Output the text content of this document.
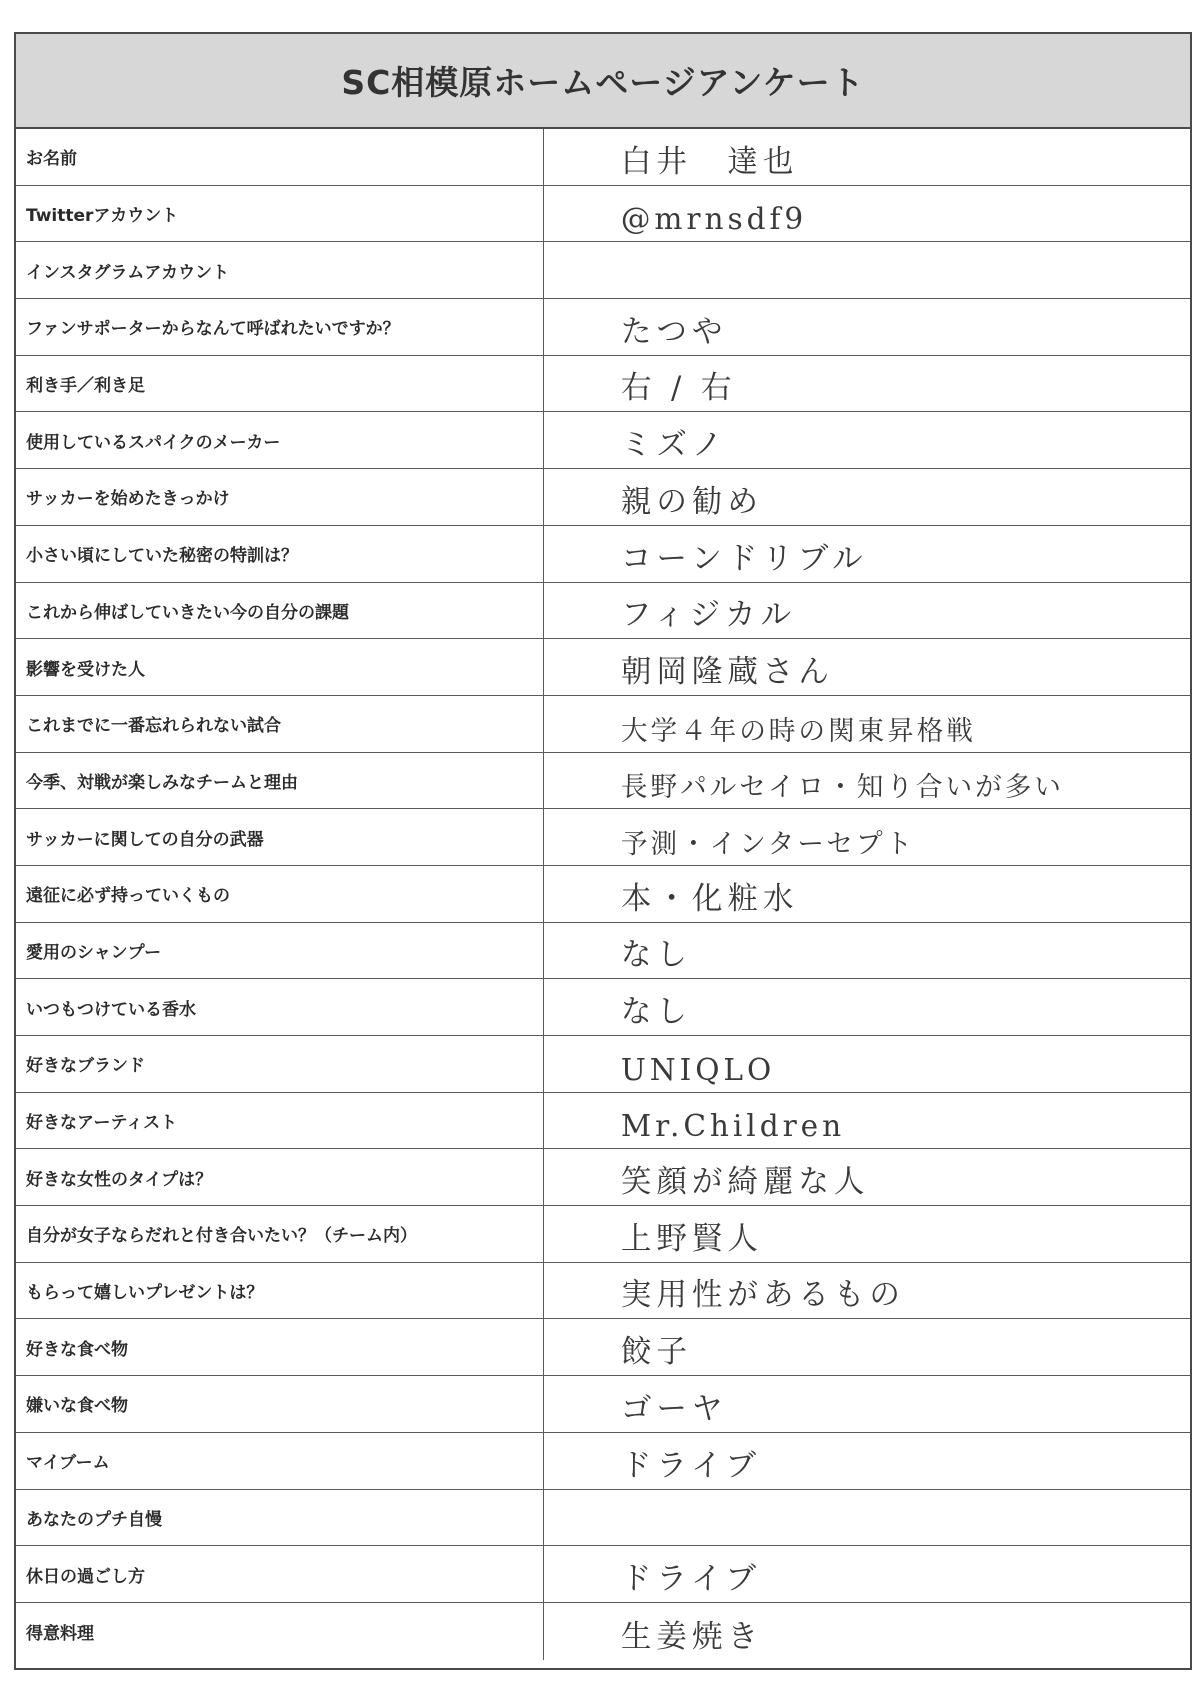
SC相模原ホームページアンケート
お名前	白井　達也
Twitterアカウント	@mrnsdf9
インスタグラムアカウント
ファンサポーターからなんて呼ばれたいですか？	たつや
利き手／利き足	右 / 右
使用しているスパイクのメーカー	ミズノ
サッカーを始めたきっかけ	親の勧め
小さい頃にしていた秘密の特訓は？	コーンドリブル
これから伸ばしていきたい今の自分の課題	フィジカル
影響を受けた人	朝岡隆蔵さん
これまでに一番忘れられない試合	大学４年の時の関東昇格戦
今季、対戦が楽しみなチームと理由	長野パルセイロ・知り合いが多い
サッカーに関しての自分の武器	予測・インターセプト
遠征に必ず持っていくもの	本・化粧水
愛用のシャンプー	なし
いつもつけている香水	なし
好きなブランド	UNIQLO
好きなアーティスト	Mr.Children
好きな女性のタイプは？	笑顔が綺麗な人
自分が女子ならだれと付き合いたい？（チーム内）	上野賢人
もらって嬉しいプレゼントは？	実用性があるもの
好きな食べ物	餃子
嫌いな食べ物	ゴーヤ
マイブーム	ドライブ
あなたのプチ自慢
休日の過ごし方	ドライブ
得意料理	生姜焼き
